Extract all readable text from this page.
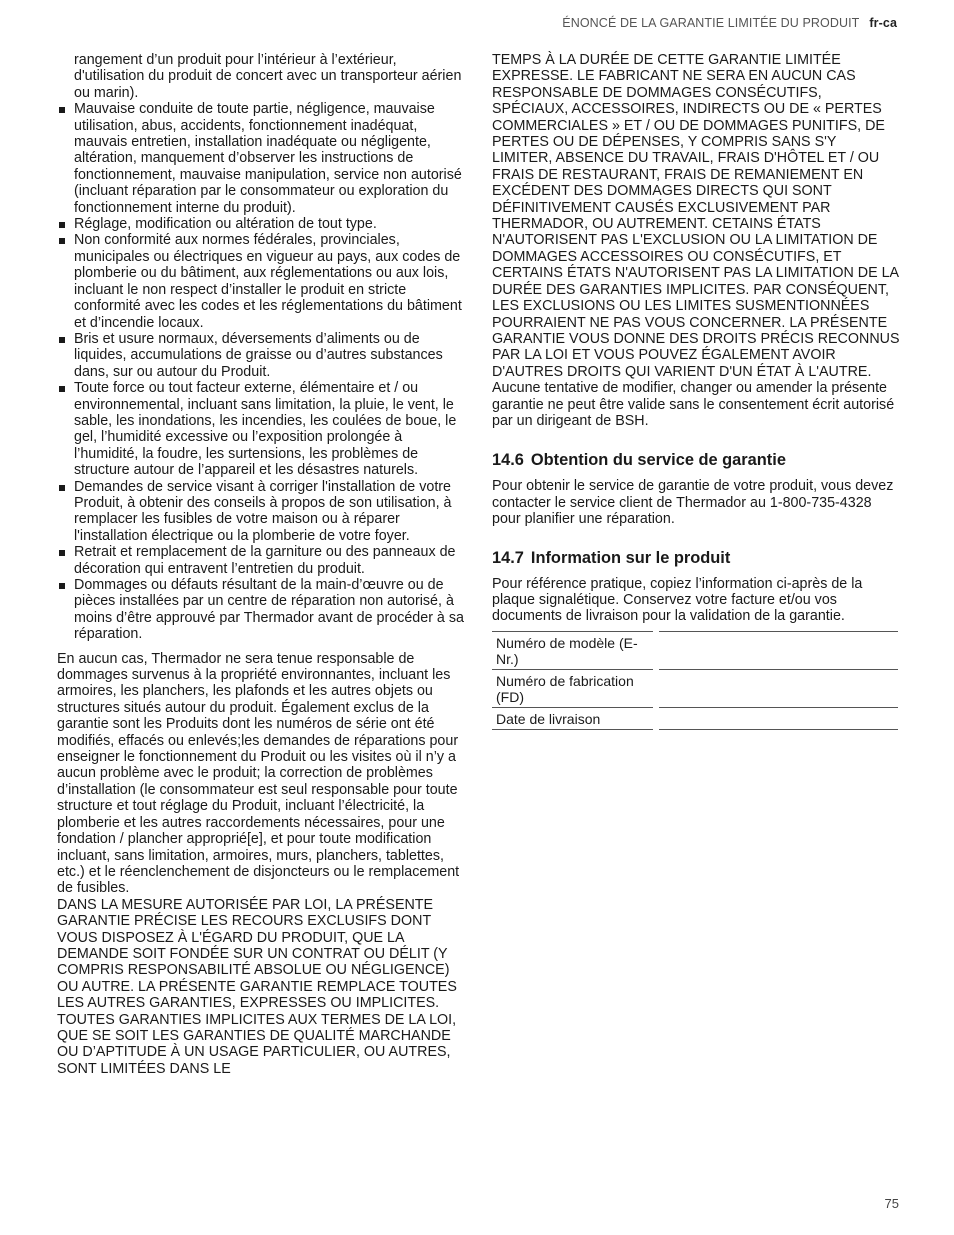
ÉNONCÉ DE LA GARANTIE LIMITÉE DU PRODUIT fr-ca

rangement d’un produit pour l’intérieur à l’extérieur, d'utilisation du produit de concert avec un transporteur aérien ou marin).

Mauvaise conduite de toute partie, négligence, mauvaise utilisation, abus, accidents, fonctionnement inadéquat, mauvais entretien, installation inadéquate ou négligente, altération, manquement d’observer les instructions de fonctionnement, mauvaise manipulation, service non autorisé (incluant réparation par le consommateur ou exploration du fonctionnement interne du produit).
Réglage, modification ou altération de tout type.
Non conformité aux normes fédérales, provinciales, municipales ou électriques en vigueur au pays, aux codes de plomberie ou du bâtiment, aux réglementations ou aux lois, incluant le non respect d’installer le produit en stricte conformité avec les codes et les réglementations du bâtiment et d’incendie locaux.
Bris et usure normaux, déversements d’aliments ou de liquides, accumulations de graisse ou d’autres substances dans, sur ou autour du Produit.
Toute force ou tout facteur externe, élémentaire et / ou environnemental, incluant sans limitation, la pluie, le vent, le sable, les inondations, les incendies, les coulées de boue, le gel, l’humidité excessive ou l’exposition prolongée à l’humidité, la foudre, les surtensions, les problèmes de structure autour de l’appareil et les désastres naturels.
Demandes de service visant à corriger l'installation de votre Produit, à obtenir des conseils à propos de son utilisation, à remplacer les fusibles de votre maison ou à réparer l'installation électrique ou la plomberie de votre foyer.
Retrait et remplacement de la garniture ou des panneaux de décoration qui entravent l’entretien du produit.
Dommages ou défauts résultant de la main-d’œuvre ou de pièces installées par un centre de réparation non autorisé, à moins d’être approuvé par Thermador avant de procéder à sa réparation.

En aucun cas, Thermador ne sera tenue responsable de dommages survenus à la propriété environnantes, incluant les armoires, les planchers, les plafonds et les autres objets ou structures situés autour du produit. Également exclus de la garantie sont les Produits dont les numéros de série ont été modifiés, effacés ou enlevés;les demandes de réparations pour enseigner le fonctionnement du Produit ou les visites où il n’y a aucun problème avec le produit; la correction de problèmes d’installation (le consommateur est seul responsable pour toute structure et tout réglage du Produit, incluant l’électricité, la plomberie et les autres raccordements nécessaires, pour une fondation / plancher approprié[e], et pour toute modification incluant, sans limitation, armoires, murs, planchers, tablettes, etc.) et le réenclenchement de disjoncteurs ou le remplacement de fusibles.

DANS LA MESURE AUTORISÉE PAR LOI, LA PRÉSENTE GARANTIE PRÉCISE LES RECOURS EXCLUSIFS DONT VOUS DISPOSEZ À L'ÉGARD DU PRODUIT, QUE LA DEMANDE SOIT FONDÉE SUR UN CONTRAT OU DÉLIT (Y COMPRIS RESPONSABILITÉ ABSOLUE OU NÉGLIGENCE) OU AUTRE. LA PRÉSENTE GARANTIE REMPLACE TOUTES LES AUTRES GARANTIES, EXPRESSES OU IMPLICITES. TOUTES GARANTIES IMPLICITES AUX TERMES DE LA LOI, QUE SE SOIT LES GARANTIES DE QUALITÉ MARCHANDE OU D’APTITUDE À UN USAGE PARTICULIER, OU AUTRES, SONT LIMITÉES DANS LE

TEMPS À LA DURÉE DE CETTE GARANTIE LIMITÉE EXPRESSE. LE FABRICANT NE SERA EN AUCUN CAS RESPONSABLE DE DOMMAGES CONSÉCUTIFS, SPÉCIAUX, ACCESSOIRES, INDIRECTS OU DE « PERTES COMMERCIALES » ET / OU DE DOMMAGES PUNITIFS, DE PERTES OU DE DÉPENSES, Y COMPRIS SANS S'Y LIMITER, ABSENCE DU TRAVAIL, FRAIS D'HÔTEL ET / OU FRAIS DE RESTAURANT, FRAIS DE REMANIEMENT EN EXCÉDENT DES DOMMAGES DIRECTS QUI SONT DÉFINITIVEMENT CAUSÉS EXCLUSIVEMENT PAR THERMADOR, OU AUTREMENT. CETAINS ÉTATS N'AUTORISENT PAS L'EXCLUSION OU LA LIMITATION DE DOMMAGES ACCESSOIRES OU CONSÉCUTIFS, ET CERTAINS ÉTATS N'AUTORISENT PAS LA LIMITATION DE LA DURÉE DES GARANTIES IMPLICITES. PAR CONSÉQUENT, LES EXCLUSIONS OU LES LIMITES SUSMENTIONNÉES POURRAIENT NE PAS VOUS CONCERNER. LA PRÉSENTE GARANTIE VOUS DONNE DES DROITS PRÉCIS RECONNUS PAR LA LOI ET VOUS POUVEZ ÉGALEMENT AVOIR D'AUTRES DROITS QUI VARIENT D'UN ÉTAT À L'AUTRE.

Aucune tentative de modifier, changer ou amender la présente garantie ne peut être valide sans le consentement écrit autorisé par un dirigeant de BSH.

14.6 Obtention du service de garantie

Pour obtenir le service de garantie de votre produit, vous devez contacter le service client de Thermador au 1-800-735-4328 pour planifier une réparation.

14.7 Information sur le produit

Pour référence pratique, copiez l’information ci-après de la plaque signalétique. Conservez votre facture et/ou vos documents de livraison pour la validation de la garantie.

Numéro de modèle (E-Nr.)	
Numéro de fabrication (FD)	
Date de livraison	
75
